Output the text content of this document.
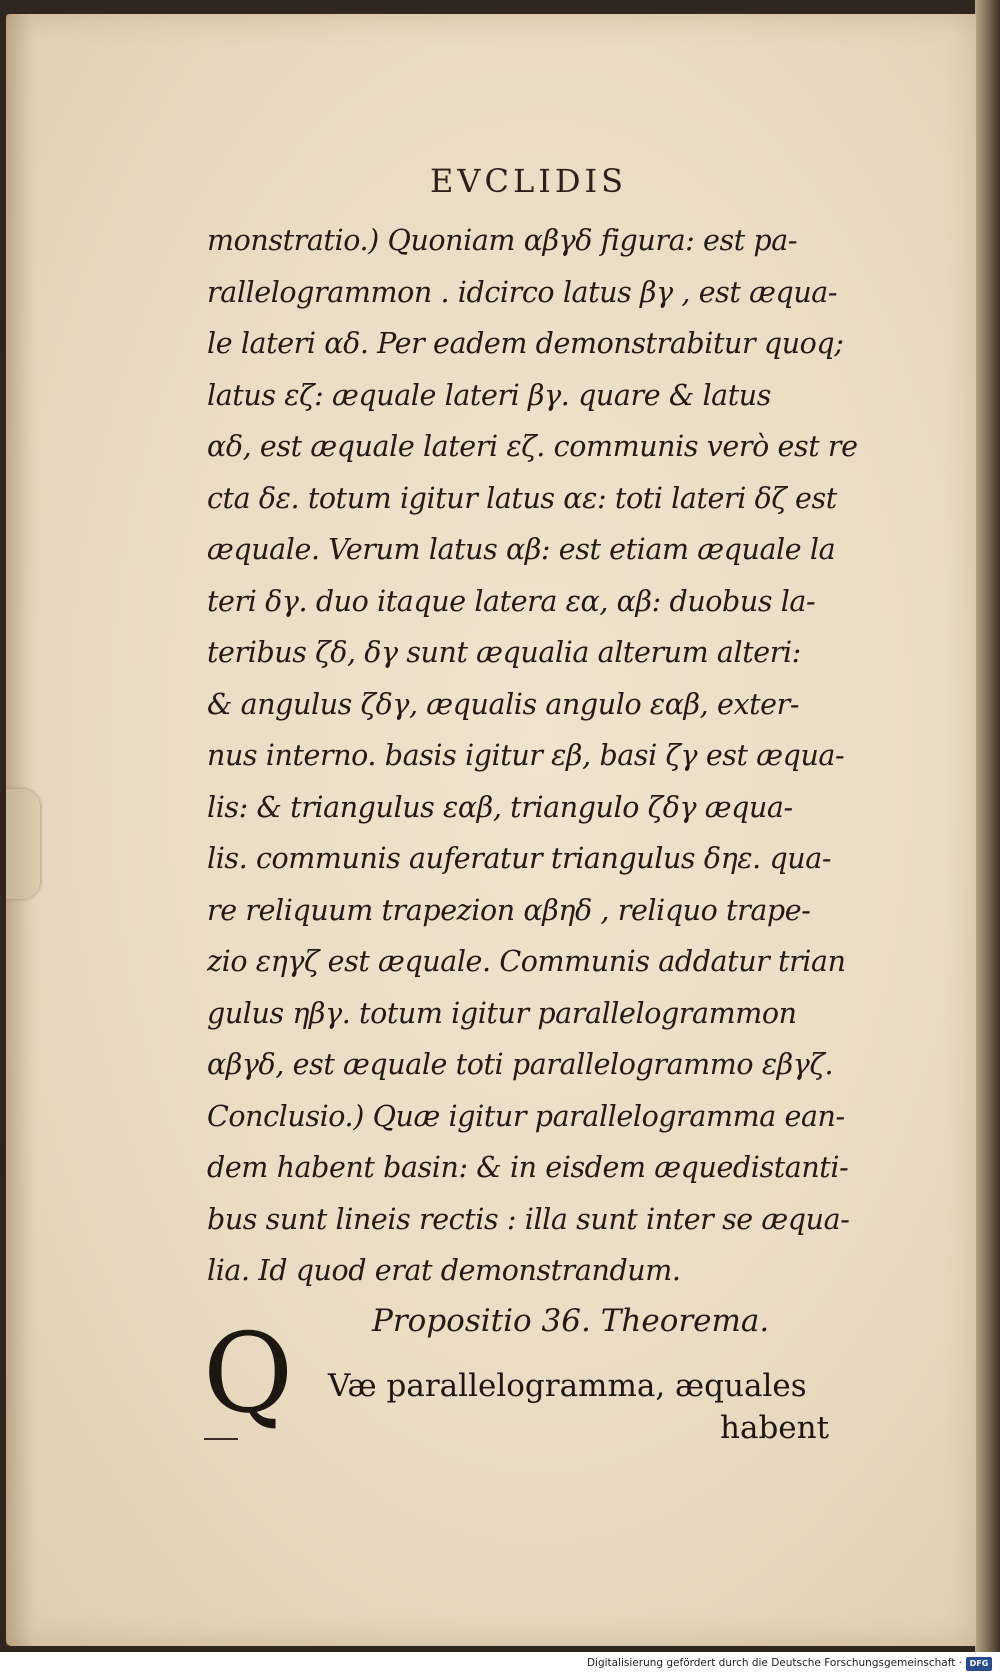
EVCLIDIS
monstratio.) Quoniam αβγδ figura: est pa-
rallelogrammon . idcirco latus βγ , est æqua-
le lateri αδ. Per eadem demonstrabitur quoq;
latus εζ: æquale lateri βγ. quare & latus
αδ, est æquale lateri εζ. communis verò est re
cta δε. totum igitur latus αε: toti lateri δζ est
æquale. Verum latus αβ: est etiam æquale la
teri δγ. duo itaque latera εα, αβ: duobus la-
teribus ζδ, δγ sunt æqualia alterum alteri:
& angulus ζδγ, æqualis angulo εαβ, exter-
nus interno. basis igitur εβ, basi ζγ est æqua-
lis: & triangulus εαβ, triangulo ζδγ æqua-
lis. communis auferatur triangulus δηε. qua-
re reliquum trapezion αβηδ , reliquo trape-
zio εηγζ est æquale. Communis addatur trian
gulus ηβγ. totum igitur parallelogrammon
αβγδ, est æquale toti parallelogrammo εβγζ.
Conclusio.) Quæ igitur parallelogramma ean-
dem habent basin: & in eisdem æquedistanti-
bus sunt lineis rectis : illa sunt inter se æqua-
lia. Id quod erat demonstrandum.
Propositio 36. Theorema.
Q Væ parallelogramma, æquales
habent
Digitalisierung gefördert durch die Deutsche Forschungsgemeinschaft · DFG
